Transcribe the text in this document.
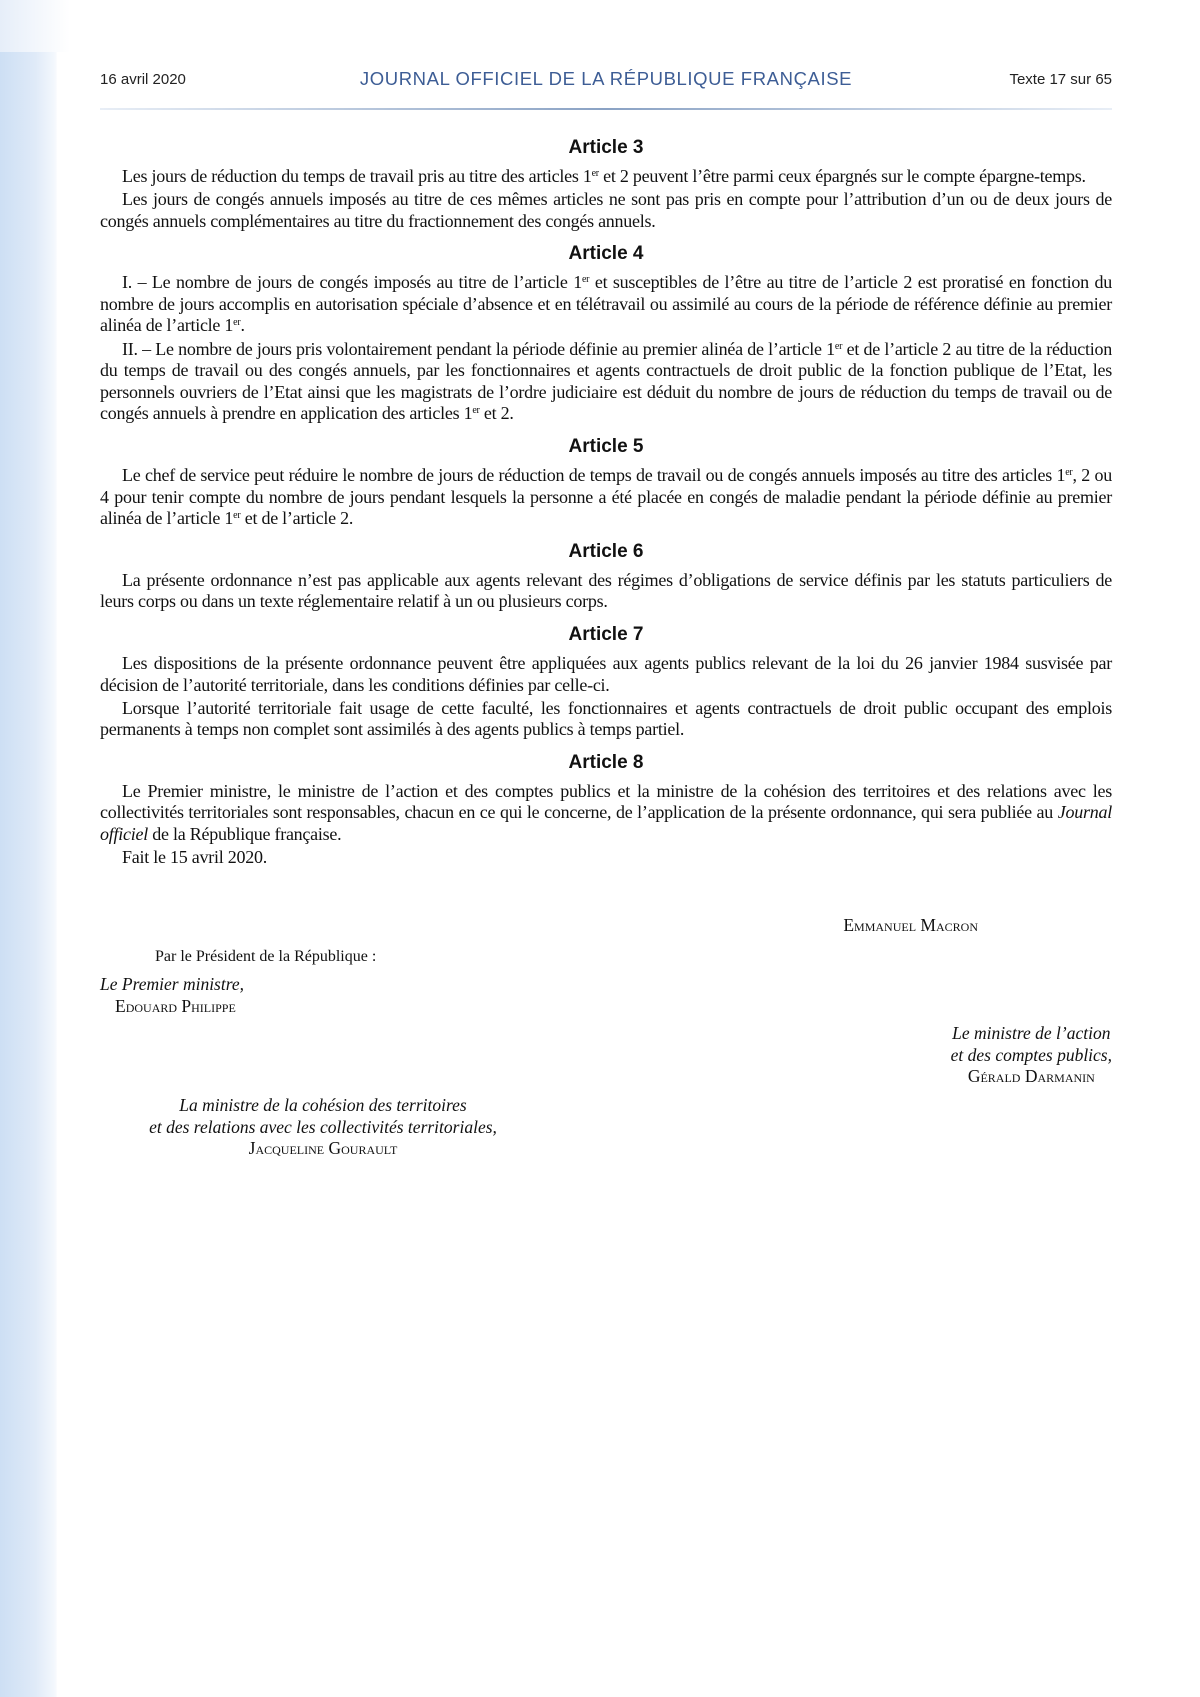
16 avril 2020	JOURNAL OFFICIEL DE LA RÉPUBLIQUE FRANÇAISE	Texte 17 sur 65
Article 3

Les jours de réduction du temps de travail pris au titre des articles 1er et 2 peuvent l’être parmi ceux épargnés sur le compte épargne-temps.

Les jours de congés annuels imposés au titre de ces mêmes articles ne sont pas pris en compte pour l’attribution d’un ou de deux jours de congés annuels complémentaires au titre du fractionnement des congés annuels.

Article 4

I. – Le nombre de jours de congés imposés au titre de l’article 1er et susceptibles de l’être au titre de l’article 2 est proratisé en fonction du nombre de jours accomplis en autorisation spéciale d’absence et en télétravail ou assimilé au cours de la période de référence définie au premier alinéa de l’article 1er.

II. – Le nombre de jours pris volontairement pendant la période définie au premier alinéa de l’article 1er et de l’article 2 au titre de la réduction du temps de travail ou des congés annuels, par les fonctionnaires et agents contractuels de droit public de la fonction publique de l’Etat, les personnels ouvriers de l’Etat ainsi que les magistrats de l’ordre judiciaire est déduit du nombre de jours de réduction du temps de travail ou de congés annuels à prendre en application des articles 1er et 2.

Article 5

Le chef de service peut réduire le nombre de jours de réduction de temps de travail ou de congés annuels imposés au titre des articles 1er, 2 ou 4 pour tenir compte du nombre de jours pendant lesquels la personne a été placée en congés de maladie pendant la période définie au premier alinéa de l’article 1er et de l’article 2.

Article 6

La présente ordonnance n’est pas applicable aux agents relevant des régimes d’obligations de service définis par les statuts particuliers de leurs corps ou dans un texte réglementaire relatif à un ou plusieurs corps.

Article 7

Les dispositions de la présente ordonnance peuvent être appliquées aux agents publics relevant de la loi du 26 janvier 1984 susvisée par décision de l’autorité territoriale, dans les conditions définies par celle-ci.

Lorsque l’autorité territoriale fait usage de cette faculté, les fonctionnaires et agents contractuels de droit public occupant des emplois permanents à temps non complet sont assimilés à des agents publics à temps partiel.

Article 8

Le Premier ministre, le ministre de l’action et des comptes publics et la ministre de la cohésion des territoires et des relations avec les collectivités territoriales sont responsables, chacun en ce qui le concerne, de l’application de la présente ordonnance, qui sera publiée au Journal officiel de la République française.

Fait le 15 avril 2020.

Emmanuel Macron
Par le Président de la République :
Le Premier ministre,
Edouard Philippe
Le ministre de l’action
et des comptes publics,
Gérald Darmanin
La ministre de la cohésion des territoires
et des relations avec les collectivités territoriales,
Jacqueline Gourault
